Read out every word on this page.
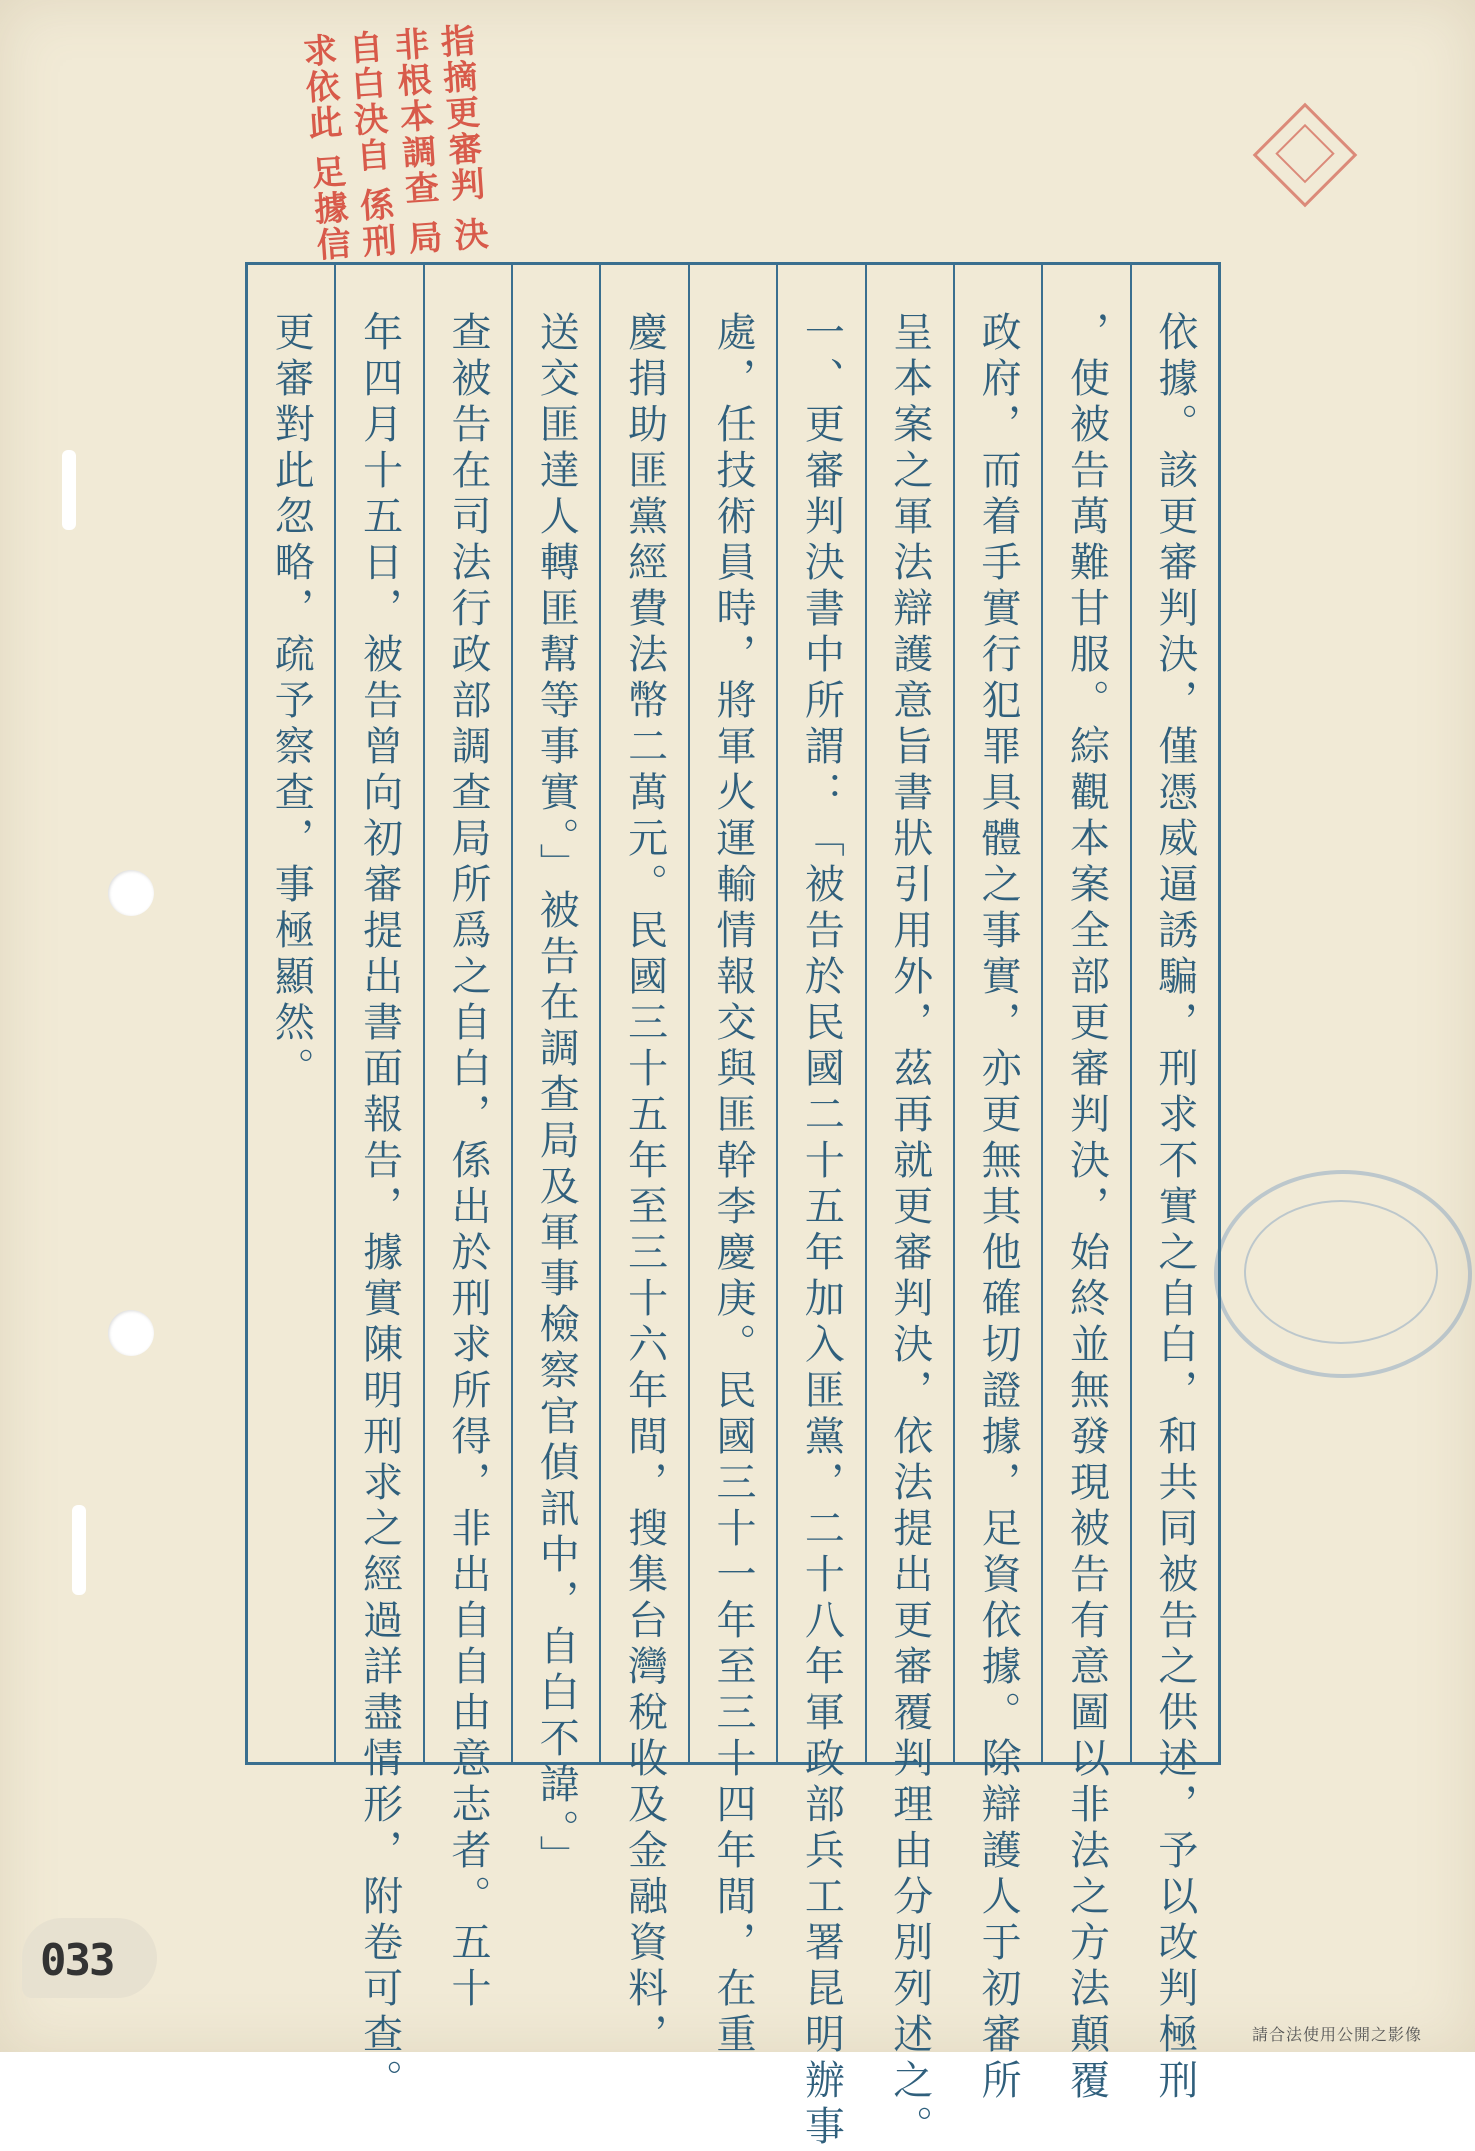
指摘更審判 決非根本調查 局自白決自 係刑求依此 足據信
依據。該更審判決，僅憑威逼誘騙，刑求不實之自白，和共同被告之供述，予以改判極刑
，使被告萬難甘服。綜觀本案全部更審判決，始終並無發現被告有意圖以非法之方法顛覆
政府，而着手實行犯罪具體之事實，亦更無其他確切證據，足資依據。除辯護人于初審所
呈本案之軍法辯護意旨書狀引用外，茲再就更審判決，依法提出更審覆判理由分別列述之。
一、更審判決書中所謂：「被告於民國二十五年加入匪黨，二十八年軍政部兵工署昆明辦事
處，任技術員時，將軍火運輸情報交與匪幹李慶庚。民國三十一年至三十四年間，在重
慶捐助匪黨經費法幣二萬元。民國三十五年至三十六年間，搜集台灣稅收及金融資料，
送交匪達人轉匪幫等事實。」被告在調查局及軍事檢察官偵訊中，自白不諱。」
查被告在司法行政部調查局所爲之自白，係出於刑求所得，非出自自由意志者。五十
年四月十五日，被告曾向初審提出書面報告，據實陳明刑求之經過詳盡情形，附卷可查。
更審對此忽略，疏予察查，事極顯然。
033
請合法使用公開之影像
